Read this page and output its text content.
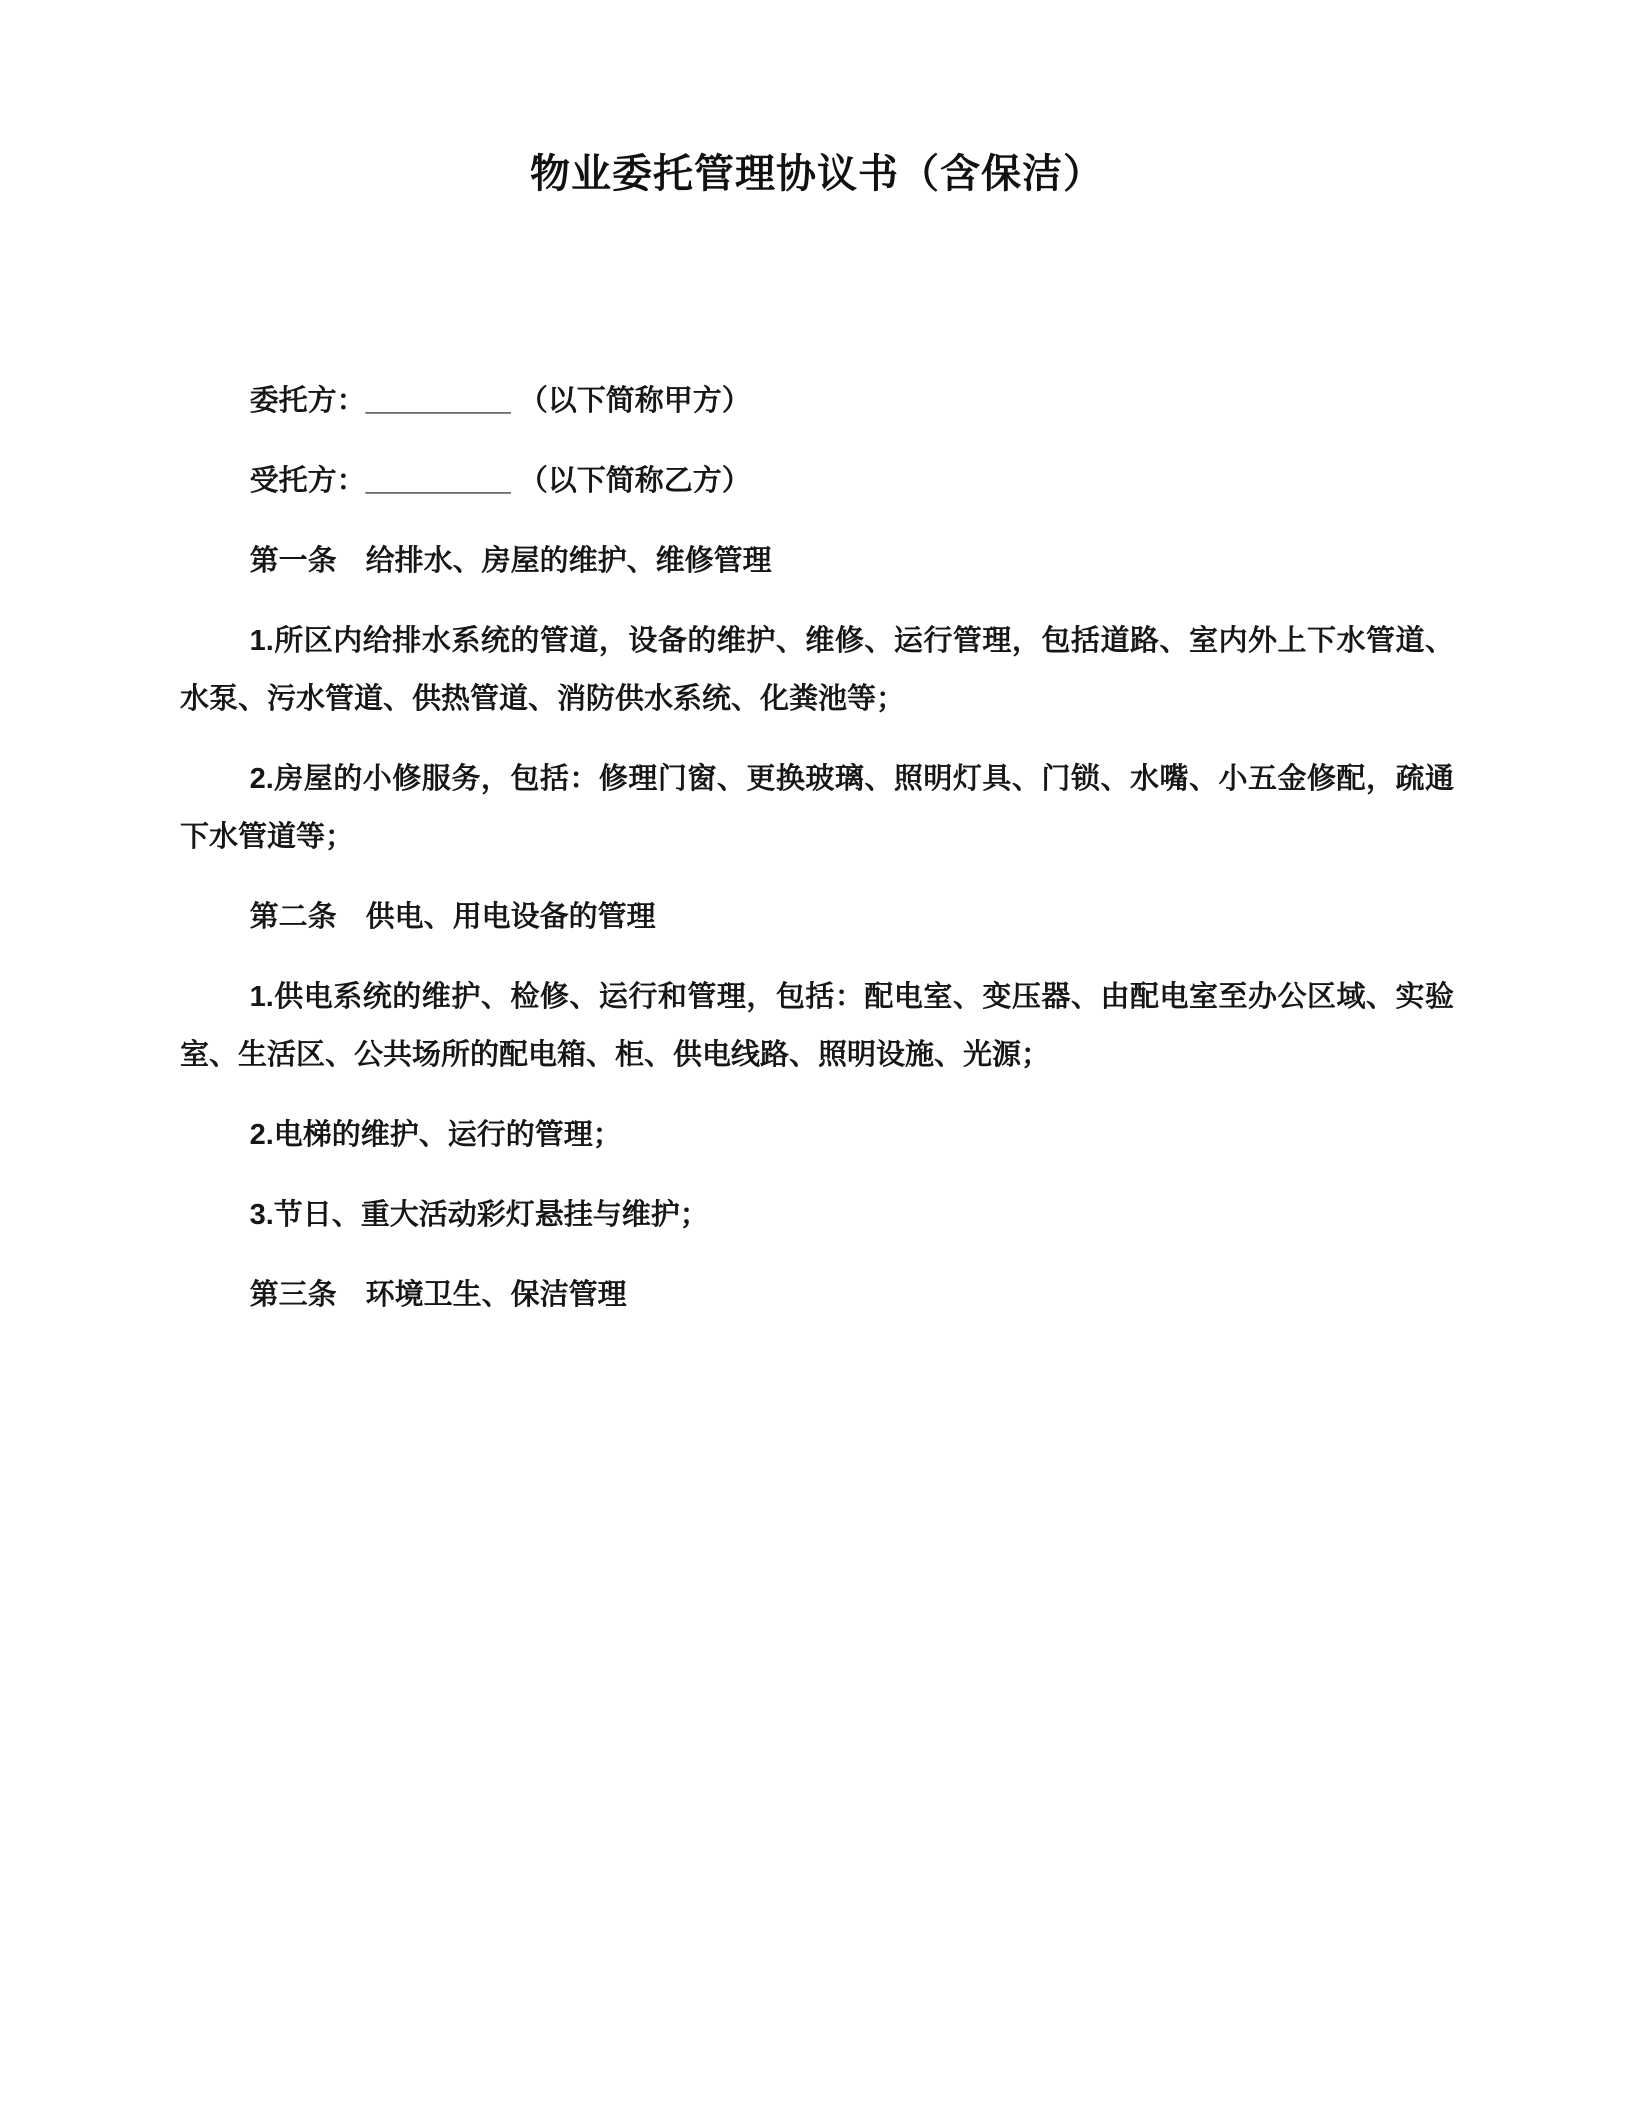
物业委托管理协议书（含保洁）

委托方：_________ （以下简称甲方）

受托方：_________ （以下简称乙方）

第一条　给排水、房屋的维护、维修管理

1.所区内给排水系统的管道，设备的维护、维修、运行管理，包括道路、室内外上下水管道、水泵、污水管道、供热管道、消防供水系统、化粪池等；

2.房屋的小修服务，包括：修理门窗、更换玻璃、照明灯具、门锁、水嘴、小五金修配，疏通下水管道等；

第二条　供电、用电设备的管理

1.供电系统的维护、检修、运行和管理，包括：配电室、变压器、由配电室至办公区域、实验室、生活区、公共场所的配电箱、柜、供电线路、照明设施、光源；

2.电梯的维护、运行的管理；

3.节日、重大活动彩灯悬挂与维护；

第三条　环境卫生、保洁管理
